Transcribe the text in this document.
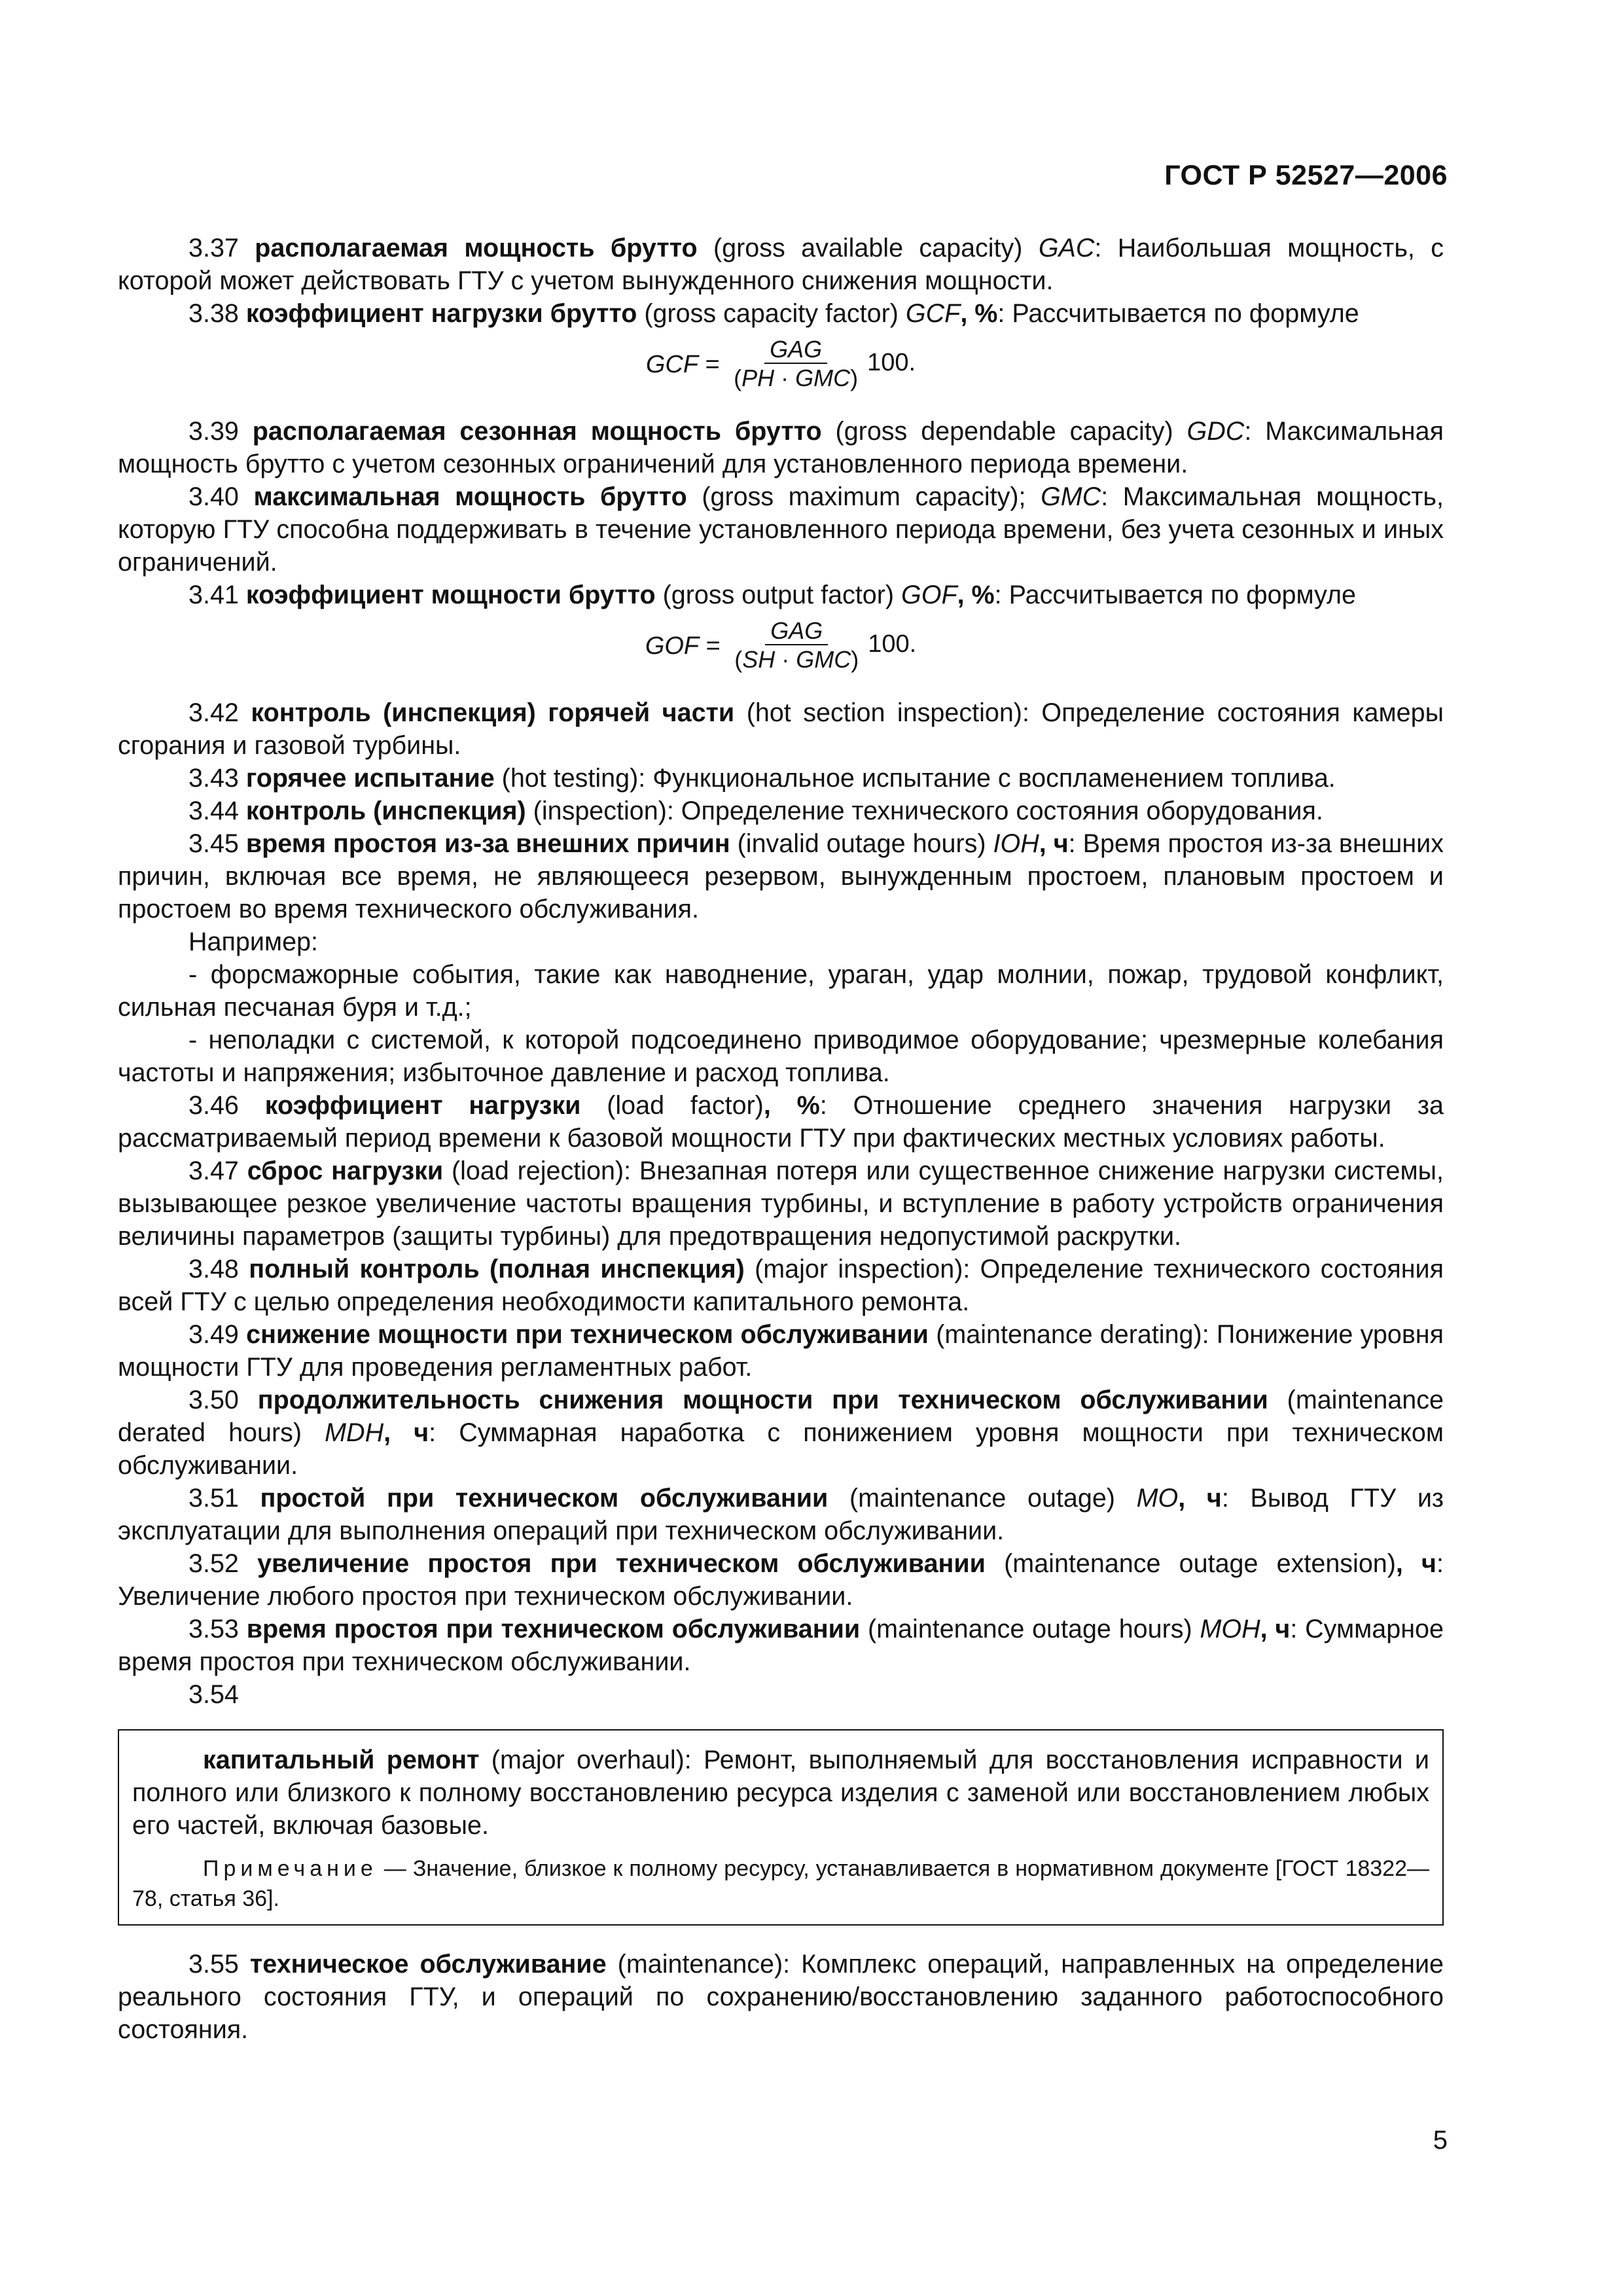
ГОСТ Р 52527—2006

3.37 располагаемая мощность брутто (gross available capacity) GAC: Наибольшая мощность, с которой может действовать ГТУ с учетом вынужденного снижения мощности.

3.38 коэффициент нагрузки брутто (gross capacity factor) GCF, %: Рассчитывается по формуле

GCF = $\frac{\text{GAG}}{\text{(PH · GMC)}} 100$.

3.39 располагаемая сезонная мощность брутто (gross dependable capacity) GDC: Максимальная мощность брутто с учетом сезонных ограничений для установленного периода времени.

3.40 максимальная мощность брутто (gross maximum capacity); GMC: Максимальная мощность, которую ГТУ способна поддерживать в течение установленного периода времени, без учета сезонных и иных ограничений.

3.41 коэффициент мощности брутто (gross output factor) GOF, %: Рассчитывается по формуле

GOF = $\frac{\text{GAG}}{\text{(SH · GMC)}} 100$.

3.42 контроль (инспекция) горячей части (hot section inspection): Определение состояния камеры сгорания и газовой турбины.

3.43 горячее испытание (hot testing): Функциональное испытание с воспламенением топлива.

3.44 контроль (инспекция) (inspection): Определение технического состояния оборудования.

3.45 время простоя из-за внешних причин (invalid outage hours) IOH, ч: Время простоя из-за внешних причин, включая все время, не являющееся резервом, вынужденным простоем, плановым простоем и простоем во время технического обслуживания.

Например:

- форсмажорные события, такие как наводнение, ураган, удар молнии, пожар, трудовой конфликт, сильная песчаная буря и т.д.;

- неполадки с системой, к которой подсоединено приводимое оборудование; чрезмерные колебания частоты и напряжения; избыточное давление и расход топлива.

3.46 коэффициент нагрузки (load factor), %: Отношение среднего значения нагрузки за рассматриваемый период времени к базовой мощности ГТУ при фактических местных условиях работы.

3.47 сброс нагрузки (load rejection): Внезапная потеря или существенное снижение нагрузки системы, вызывающее резкое увеличение частоты вращения турбины, и вступление в работу устройств ограничения величины параметров (защиты турбины) для предотвращения недопустимой раскрутки.

3.48 полный контроль (полная инспекция) (major inspection): Определение технического состояния всей ГТУ с целью определения необходимости капитального ремонта.

3.49 снижение мощности при техническом обслуживании (maintenance derating): Понижение уровня мощности ГТУ для проведения регламентных работ.

3.50 продолжительность снижения мощности при техническом обслуживании (maintenance derated hours) MDH, ч: Суммарная наработка с понижением уровня мощности при техническом обслуживании.

3.51 простой при техническом обслуживании (maintenance outage) MO, ч: Вывод ГТУ из эксплуатации для выполнения операций при техническом обслуживании.

3.52 увеличение простоя при техническом обслуживании (maintenance outage extension), ч: Увеличение любого простоя при техническом обслуживании.

3.53 время простоя при техническом обслуживании (maintenance outage hours) MOH, ч: Суммарное время простоя при техническом обслуживании.

3.54

капитальный ремонт (major overhaul): Ремонт, выполняемый для восстановления исправности и полного или близкого к полному восстановлению ресурса изделия с заменой или восстановлением любых его частей, включая базовые.

Примечание — Значение, близкое к полному ресурсу, устанавливается в нормативном документе [ГОСТ 18322—78, статья 36].

3.55 техническое обслуживание (maintenance): Комплекс операций, направленных на определение реального состояния ГТУ, и операций по сохранению/восстановлению заданного работоспособного состояния.

5
